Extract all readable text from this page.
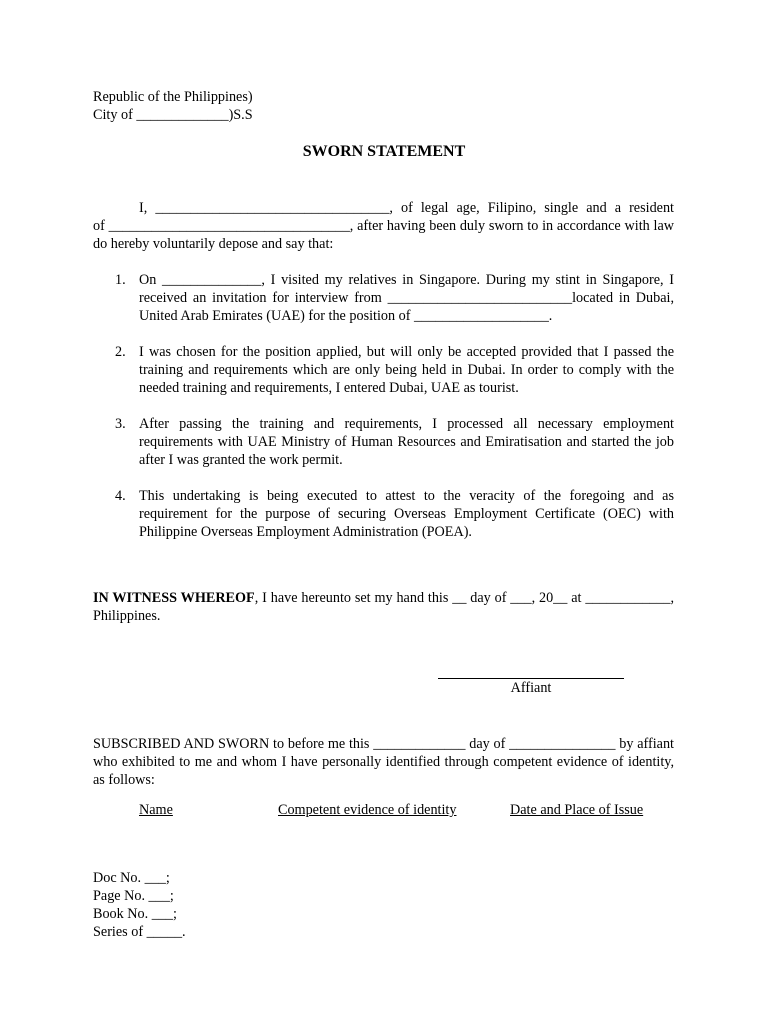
Republic of the Philippines)
City of _____________)S.S
SWORN STATEMENT
I, _________________________________, of legal age, Filipino, single and a resident
of __________________________________, after having been duly sworn to in accordance with law do hereby voluntarily depose and say that:
1. On ______________, I visited my relatives in Singapore. During my stint in Singapore, I received an invitation for interview from __________________________located in Dubai, United Arab Emirates (UAE) for the position of ___________________.
2. I was chosen for the position applied, but will only be accepted provided that I passed the training and requirements which are only being held in Dubai. In order to comply with the needed training and requirements, I entered Dubai, UAE as tourist.
3. After passing the training and requirements, I processed all necessary employment requirements with UAE Ministry of Human Resources and Emiratisation and started the job after I was granted the work permit.
4. This undertaking is being executed to attest to the veracity of the foregoing and as requirement for the purpose of securing Overseas Employment Certificate (OEC) with Philippine Overseas Employment Administration (POEA).
IN WITNESS WHEREOF, I have hereunto set my hand this __ day of ___, 20__ at ____________, Philippines.
Affiant
SUBSCRIBED AND SWORN to before me this _____________ day of _______________ by affiant who exhibited to me and whom I have personally identified through competent evidence of identity, as follows:
Name	Competent evidence of identity	Date and Place of Issue
Doc No. ___;
Page No. ___;
Book No. ___;
Series of _____.
